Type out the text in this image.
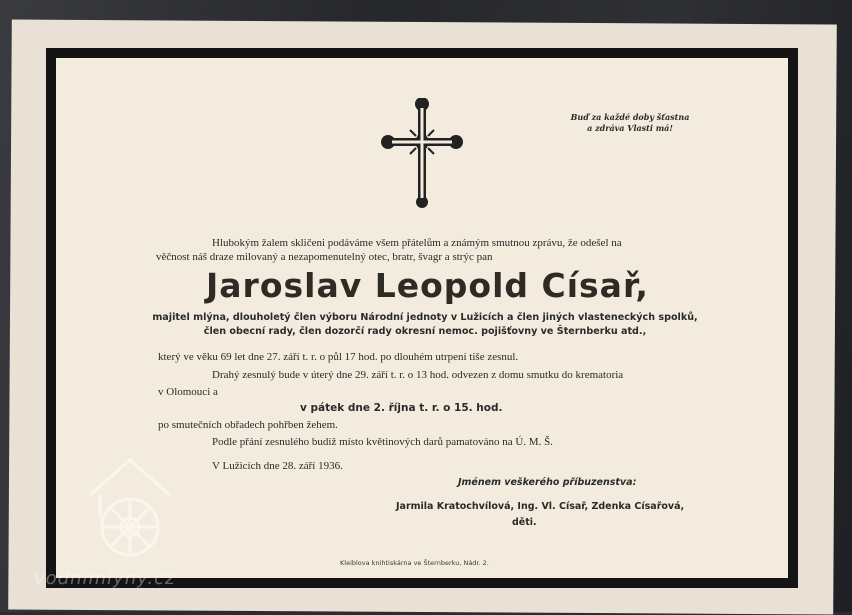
Buď za každé doby šťastna
a zdráva Vlasti má!
Hlubokým žalem skličeni podáváme všem přátelům a známým smutnou zprávu, že odešel na
věčnost náš draze milovaný a nezapomenutelný otec, bratr, švagr a strýc pan
Jaroslav Leopold Císař,
majitel mlýna, dlouholetý člen výboru Národní jednoty v Lužicích a člen jiných vlasteneckých spolků,
člen obecní rady, člen dozorčí rady okresní nemoc. pojišťovny ve Šternberku atd.,
který ve věku 69 let dne 27. září t. r. o půl 17 hod. po dlouhém utrpení tiše zesnul.
Drahý zesnulý bude v úterý dne 29. září t. r. o 13 hod. odvezen z domu smutku do krematoria
v Olomouci a
v pátek dne 2. října t. r. o 15. hod.
po smutečních obřadech pohřben žehem.
Podle přání zesnulého budiž místo květinových darů pamatováno na Ú. M. Š.
V Lužicích dne 28. září 1936.
Jménem veškerého příbuzenstva:
Jarmila Kratochvílová, Ing. Vl. Císař, Zdenka Císařová,
děti.
Kleiblova knihtiskárna ve Šternberku, Nádr. 2.
vodnimlyny.cz
